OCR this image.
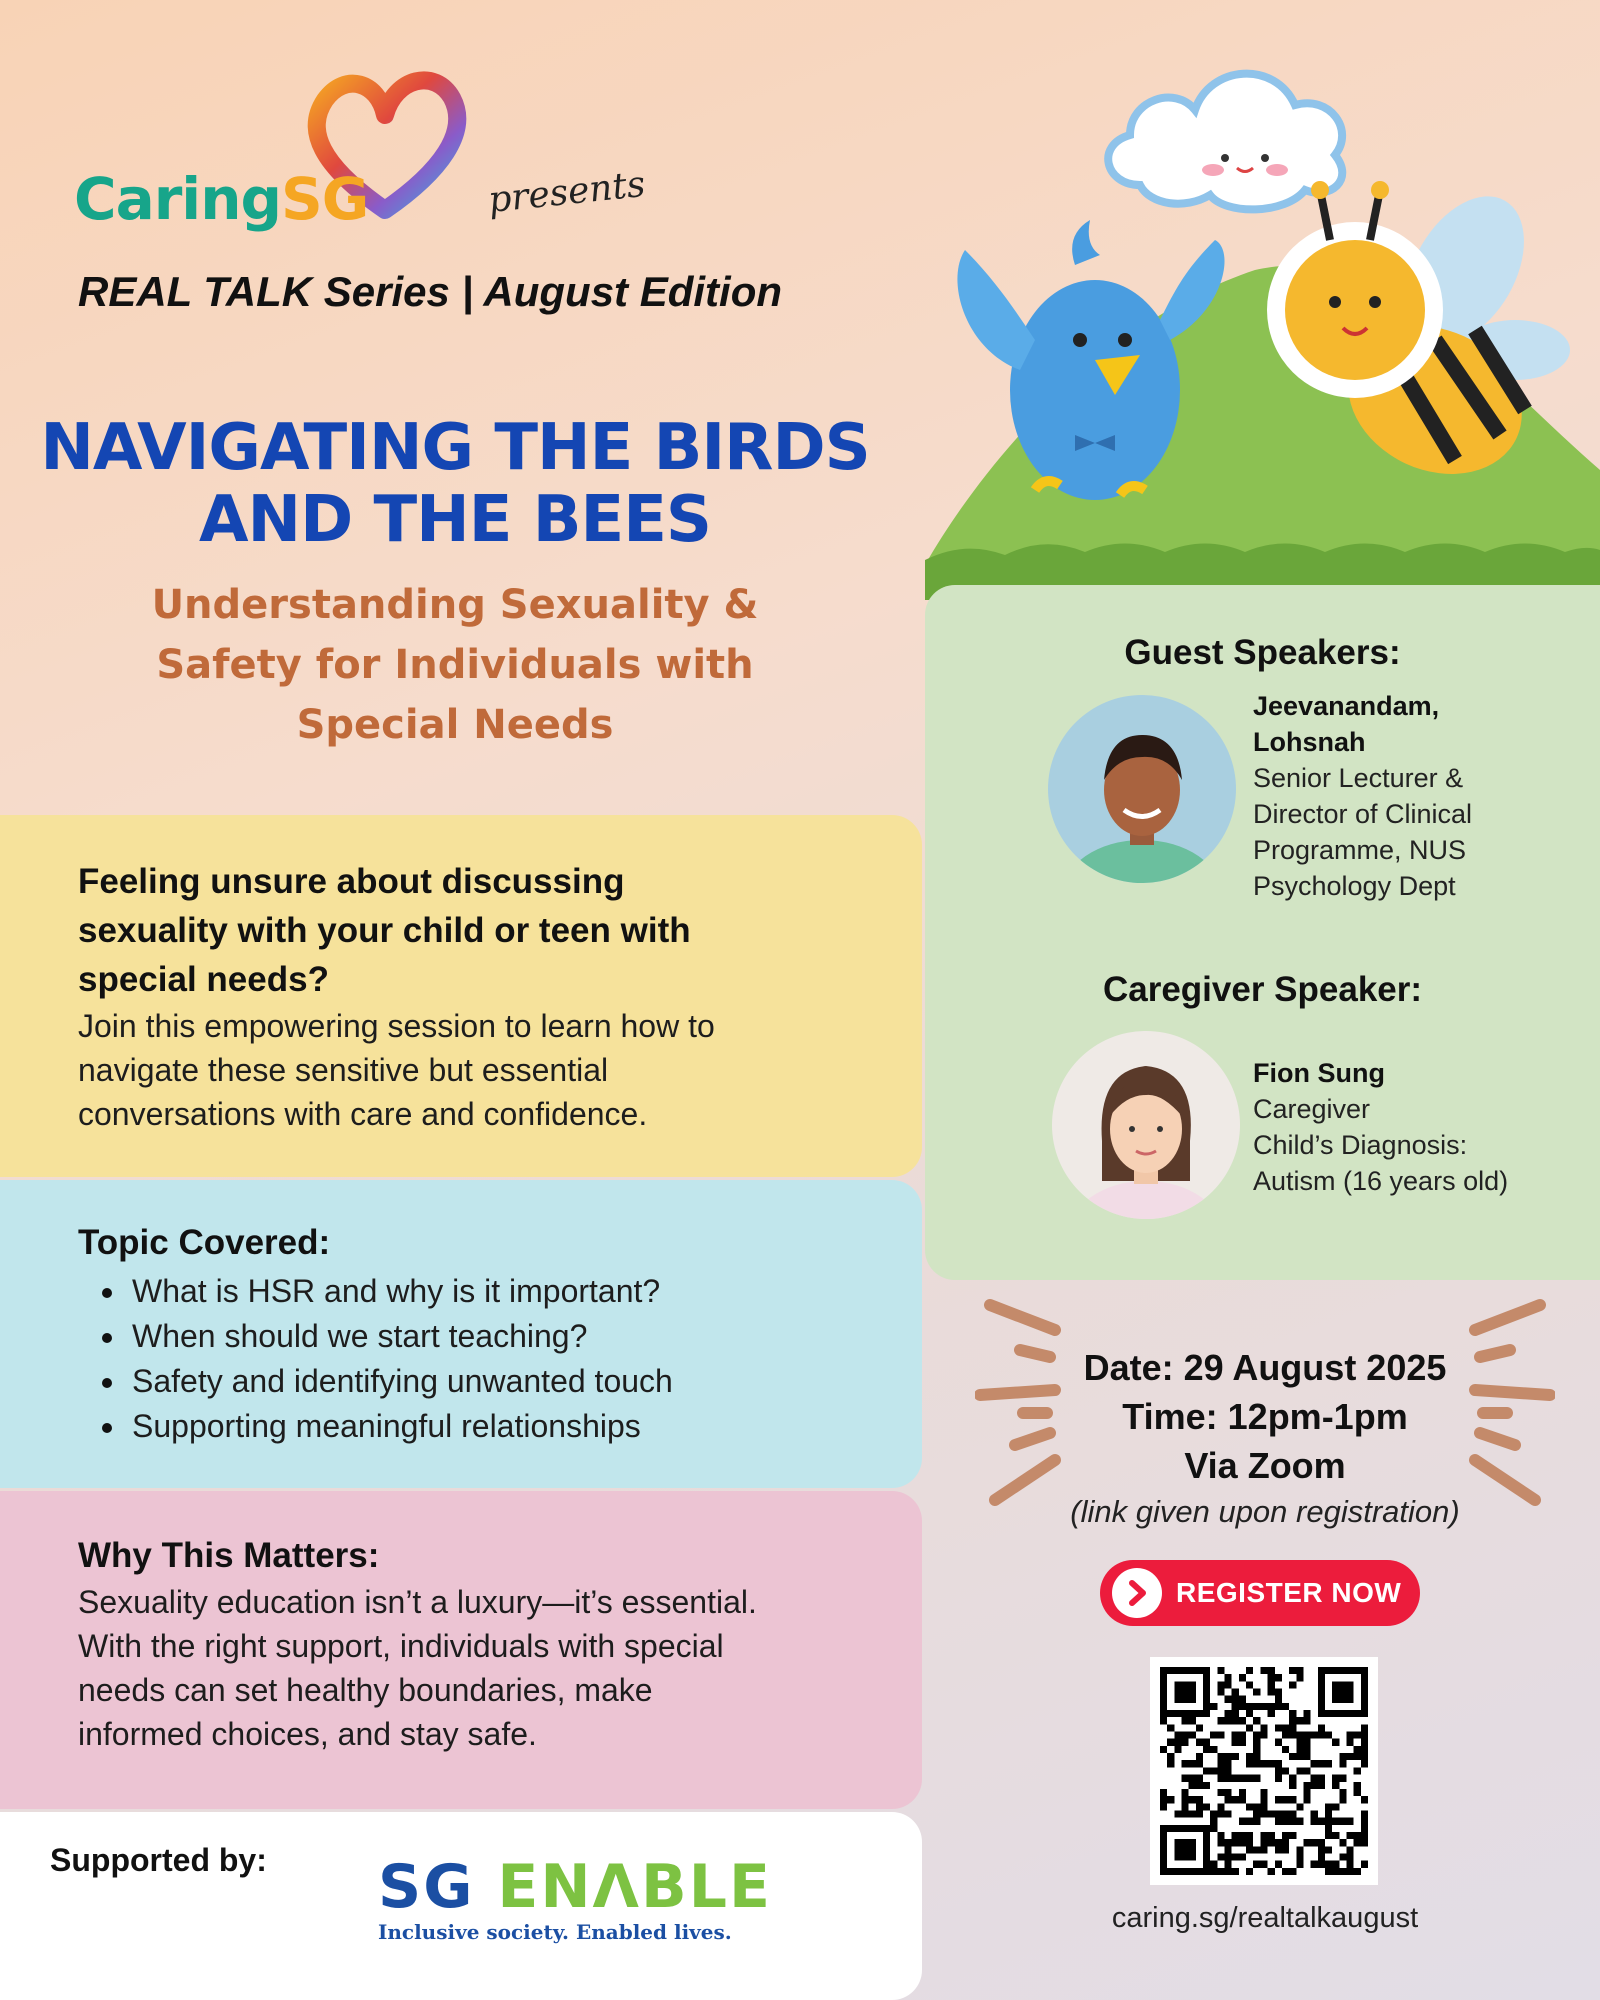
CaringSG	presents
REAL TALK Series | August Edition
NAVIGATING THE BIRDS
AND THE BEES
Understanding Sexuality &
Safety for Individuals with
Special Needs
Feeling unsure about discussing
sexuality with your child or teen with
special needs?

Join this empowering session to learn how to
navigate these sensitive but essential
conversations with care and confidence.

Topic Covered:
What is HSR and why is it important?
When should we start teaching?
Safety and identifying unwanted touch
Supporting meaningful relationships
Why This Matters:

Sexuality education isn’t a luxury—it’s essential.
With the right support, individuals with special
needs can set healthy boundaries, make
informed choices, and stay safe.

Supported by:	SG ENΛBLE
Inclusive society. Enabled lives.
Guest Speakers:
Jeevanandam,
Lohsnah
Senior Lecturer &
Director of Clinical
Programme, NUS
Psychology Dept
Caregiver Speaker:
Fion Sung
Caregiver
Child’s Diagnosis:
Autism (16 years old)
Date: 29 August 2025
Time: 12pm-1pm
Via Zoom
(link given upon registration)
REGISTER NOW
caring.sg/realtalkaugust
